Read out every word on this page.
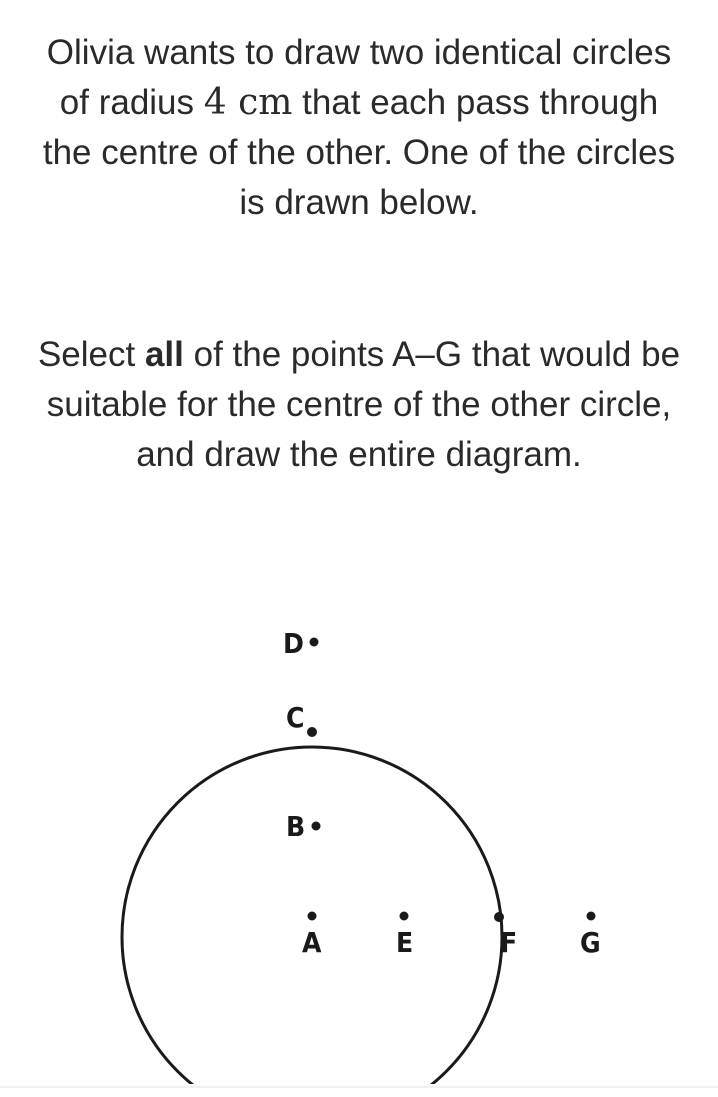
Olivia wants to draw two identical circles of radius 4 cm that each pass through the centre of the other. One of the circles is drawn below.

Select all of the points A–G that would be suitable for the centre of the other circle, and draw the entire diagram.

D
C
B
A	E	F G
